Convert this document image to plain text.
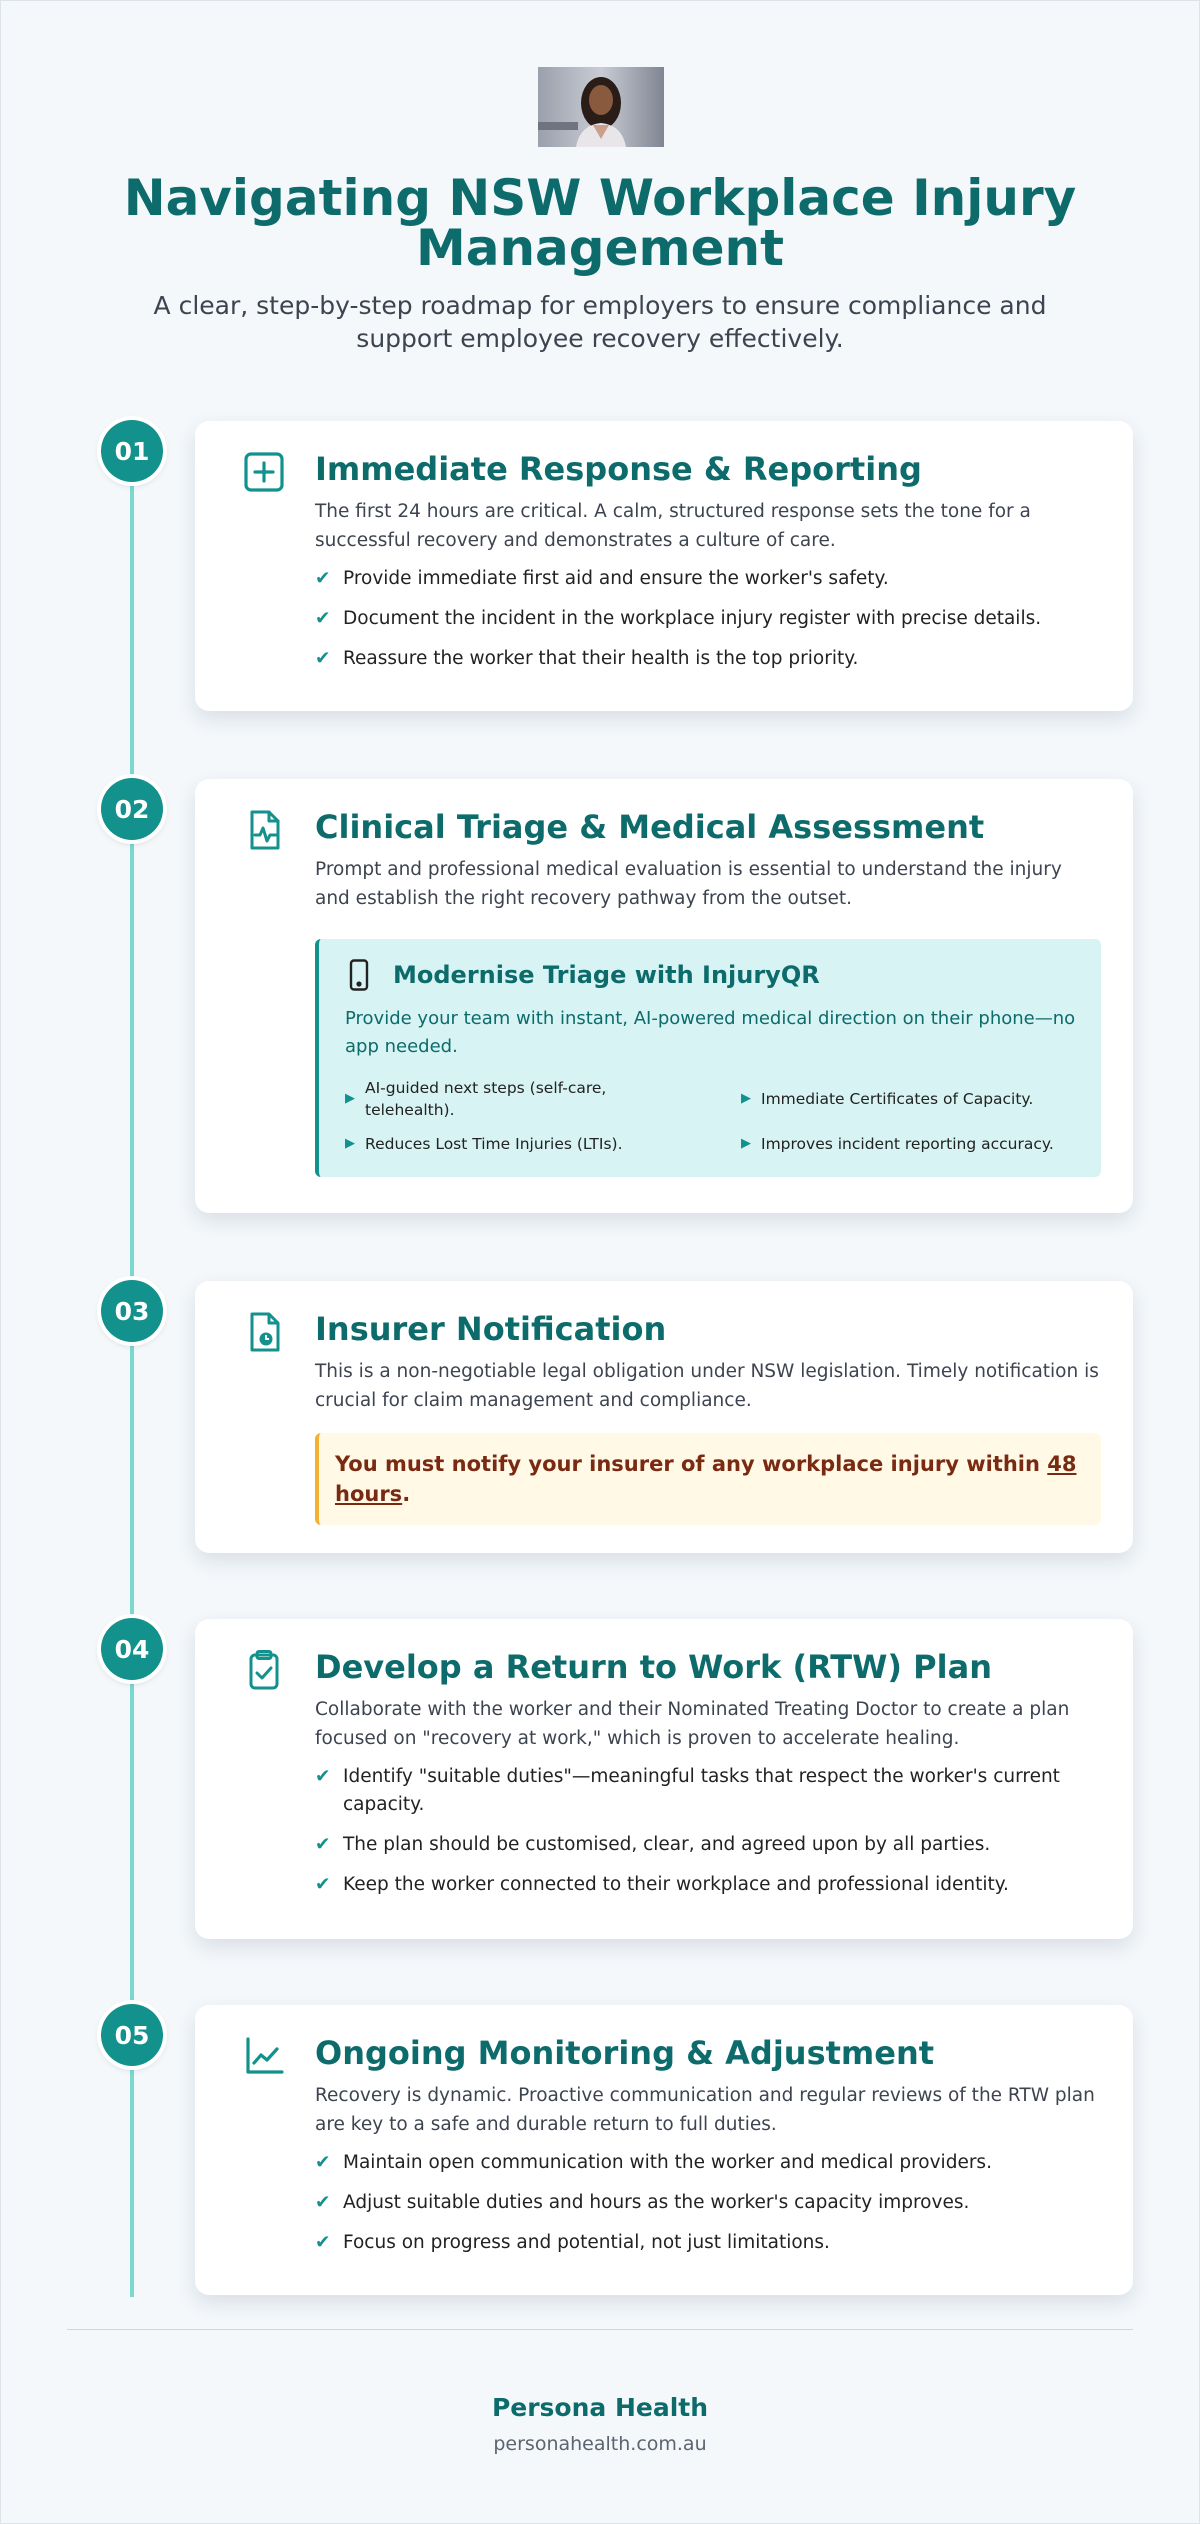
Navigating NSW Workplace Injury Management

A clear, step-by-step roadmap for employers to ensure compliance and support employee recovery effectively.

01	Immediate Response & Reporting

The first 24 hours are critical. A calm, structured response sets the tone for a successful recovery and demonstrates a culture of care.

✔ Provide immediate first aid and ensure the worker's safety.
✔ Document the incident in the workplace injury register with precise details.
✔ Reassure the worker that their health is the top priority.
02	Clinical Triage & Medical Assessment

Prompt and professional medical evaluation is essential to understand the injury and establish the right recovery pathway from the outset.

Modernise Triage with InjuryQR

Provide your team with instant, AI-powered medical direction on their phone—no app needed.

▶
AI-guided next steps (self-care, telehealth).
▶ Immediate Certificates of Capacity.
▶ Reduces Lost Time Injuries (LTIs).	▶ Improves incident reporting accuracy.
03	Insurer Notification

This is a non-negotiable legal obligation under NSW legislation. Timely notification is crucial for claim management and compliance.

You must notify your insurer of any workplace injury within 48 hours.
04	Develop a Return to Work (RTW) Plan

Collaborate with the worker and their Nominated Treating Doctor to create a plan focused on "recovery at work," which is proven to accelerate healing.

✔ Identify "suitable duties"—meaningful tasks that respect the worker's current capacity.
✔ The plan should be customised, clear, and agreed upon by all parties.
✔ Keep the worker connected to their workplace and professional identity.
05	Ongoing Monitoring & Adjustment

Recovery is dynamic. Proactive communication and regular reviews of the RTW plan are key to a safe and durable return to full duties.

✔ Maintain open communication with the worker and medical providers.
✔ Adjust suitable duties and hours as the worker's capacity improves.
✔ Focus on progress and potential, not just limitations.
Persona Health
personahealth.com.au
